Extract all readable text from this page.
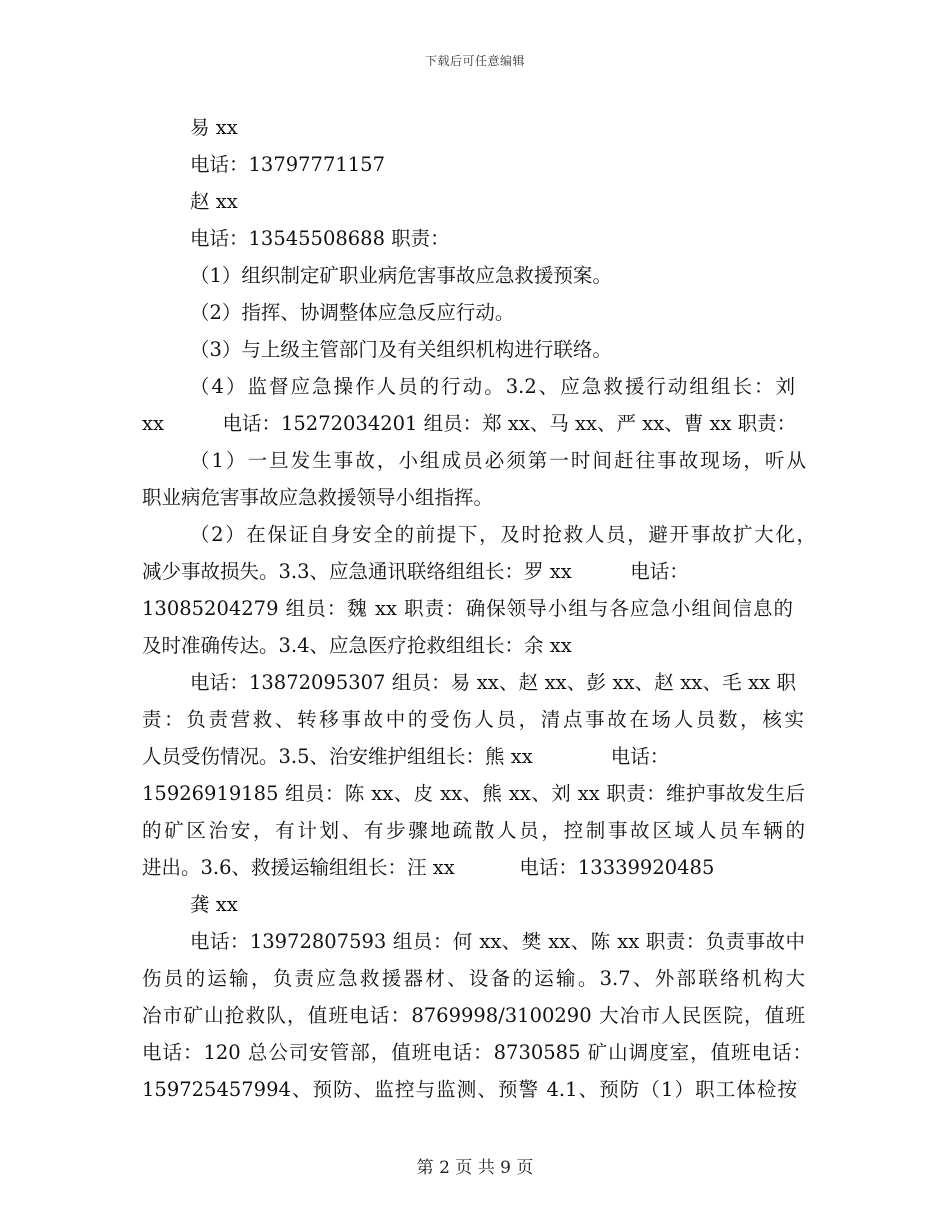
下载后可任意编辑
易 xx
电话：13797771157
赵 xx
电话：13545508688 职责：
（1）组织制定矿职业病危害事故应急救援预案。
（2）指挥、协调整体应急反应行动。
（3）与上级主管部门及有关组织机构进行联络。
（4）监督应急操作人员的行动。3.2、应急救援行动组组长：刘
xx　　　电话：15272034201 组员：郑 xx、马 xx、严 xx、曹 xx 职责：
（1）一旦发生事故，小组成员必须第一时间赶往事故现场，听从
职业病危害事故应急救援领导小组指挥。
（2）在保证自身安全的前提下，及时抢救人员，避开事故扩大化，
减少事故损失。3.3、应急通讯联络组组长：罗 xx　　　电话：
13085204279 组员：魏 xx 职责：确保领导小组与各应急小组间信息的
及时准确传达。3.4、应急医疗抢救组组长：余 xx
电话：13872095307 组员：易 xx、赵 xx、彭 xx、赵 xx、毛 xx 职
责：负责营救、转移事故中的受伤人员，清点事故在场人员数，核实
人员受伤情况。3.5、治安维护组组长：熊 xx　　　　电话：
15926919185 组员：陈 xx、皮 xx、熊 xx、刘 xx 职责：维护事故发生后
的矿区治安，有计划、有步骤地疏散人员，控制事故区域人员车辆的
进出。3.6、救援运输组组长：汪 xx　　　 电话：13339920485
龚 xx
电话：13972807593 组员：何 xx、樊 xx、陈 xx 职责：负责事故中
伤员的运输，负责应急救援器材、设备的运输。3.7、外部联络机构大
冶市矿山抢救队，值班电话：8769998/3100290 大冶市人民医院，值班
电话：120 总公司安管部，值班电话：8730585 矿山调度室，值班电话：
159725457994、预防、监控与监测、预警 4.1、预防（1）职工体检按
第 2 页 共 9 页
